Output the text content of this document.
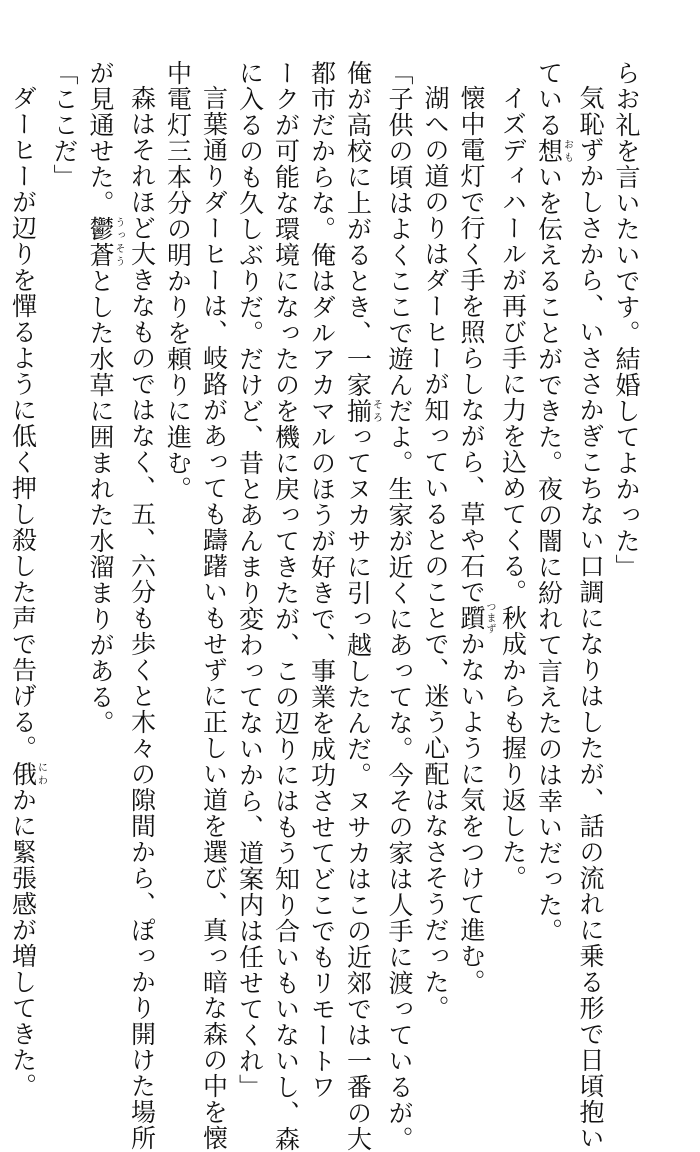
らお礼を言いたいです。結婚してよかった」

気恥ずかしさから、いささかぎこちない口調になりはしたが、話の流れに乗る形で日頃抱い

ている想おもいを伝えることができた。夜の闇に紛れて言えたのは幸いだった。

イズディハールが再び手に力を込めてくる。秋成からも握り返した。

懐中電灯で行く手を照らしながら、草や石で躓つまずかないように気をつけて進む。

湖への道のりはダーヒーが知っているとのことで、迷う心配はなさそうだった。

「子供の頃はよくここで遊んだよ。生家が近くにあってな。今その家は人手に渡っているが。

俺が高校に上がるとき、一家揃そろってヌカサに引っ越したんだ。ヌサカはこの近郊では一番の大

都市だからな。俺はダルアカマルのほうが好きで、事業を成功させてどこでもリモートワ

ークが可能な環境になったのを機に戻ってきたが、この辺りにはもう知り合いもいないし、森

に入るのも久しぶりだ。だけど、昔とあんまり変わってないから、道案内は任せてくれ」

言葉通りダーヒーは、岐路があっても躊躇いもせずに正しい道を選び、真っ暗な森の中を懐

中電灯三本分の明かりを頼りに進む。

森はそれほど大きなものではなく、五、六分も歩くと木々の隙間から、ぽっかり開けた場所

が見通せた。鬱蒼うっそうとした水草に囲まれた水溜まりがある。

「ここだ」

ダーヒーが辺りを憚るように低く押し殺した声で告げる。俄にわかに緊張感が増してきた。
